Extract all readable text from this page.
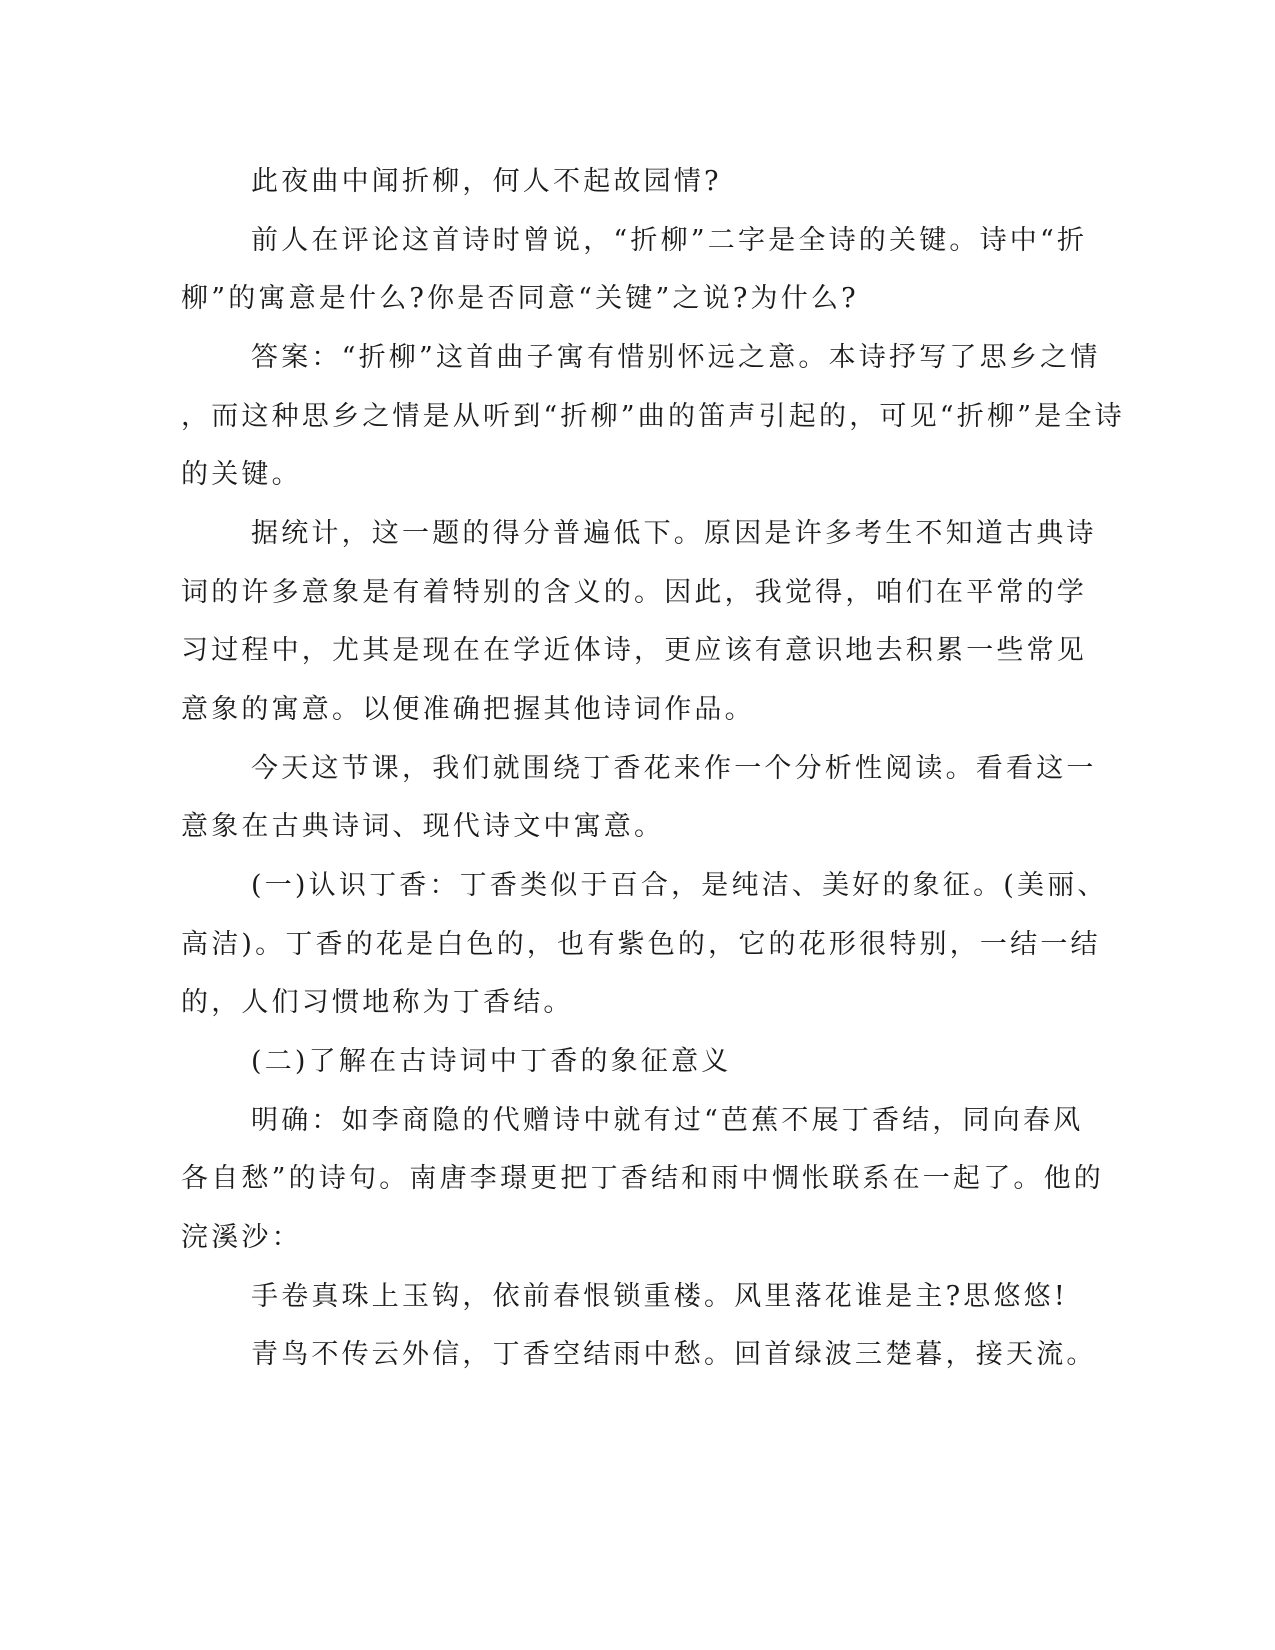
此夜曲中闻折柳，何人不起故园情?
前人在评论这首诗时曾说，“折柳”二字是全诗的关键。诗中“折
柳”的寓意是什么?你是否同意“关键”之说?为什么?
答案：“折柳”这首曲子寓有惜别怀远之意。本诗抒写了思乡之情
，而这种思乡之情是从听到“折柳”曲的笛声引起的，可见“折柳”是全诗
的关键。
据统计，这一题的得分普遍低下。原因是许多考生不知道古典诗
词的许多意象是有着特别的含义的。因此，我觉得，咱们在平常的学
习过程中，尤其是现在在学近体诗，更应该有意识地去积累一些常见
意象的寓意。以便准确把握其他诗词作品。
今天这节课，我们就围绕丁香花来作一个分析性阅读。看看这一
意象在古典诗词、现代诗文中寓意。
(一)认识丁香：丁香类似于百合，是纯洁、美好的象征。(美丽、
高洁)。丁香的花是白色的，也有紫色的，它的花形很特别，一结一结
的，人们习惯地称为丁香结。
(二)了解在古诗词中丁香的象征意义
明确：如李商隐的代赠诗中就有过“芭蕉不展丁香结，同向春风
各自愁”的诗句。南唐李璟更把丁香结和雨中惆怅联系在一起了。他的
浣溪沙：
手卷真珠上玉钩，依前春恨锁重楼。风里落花谁是主?思悠悠!
青鸟不传云外信，丁香空结雨中愁。回首绿波三楚暮，接天流。
